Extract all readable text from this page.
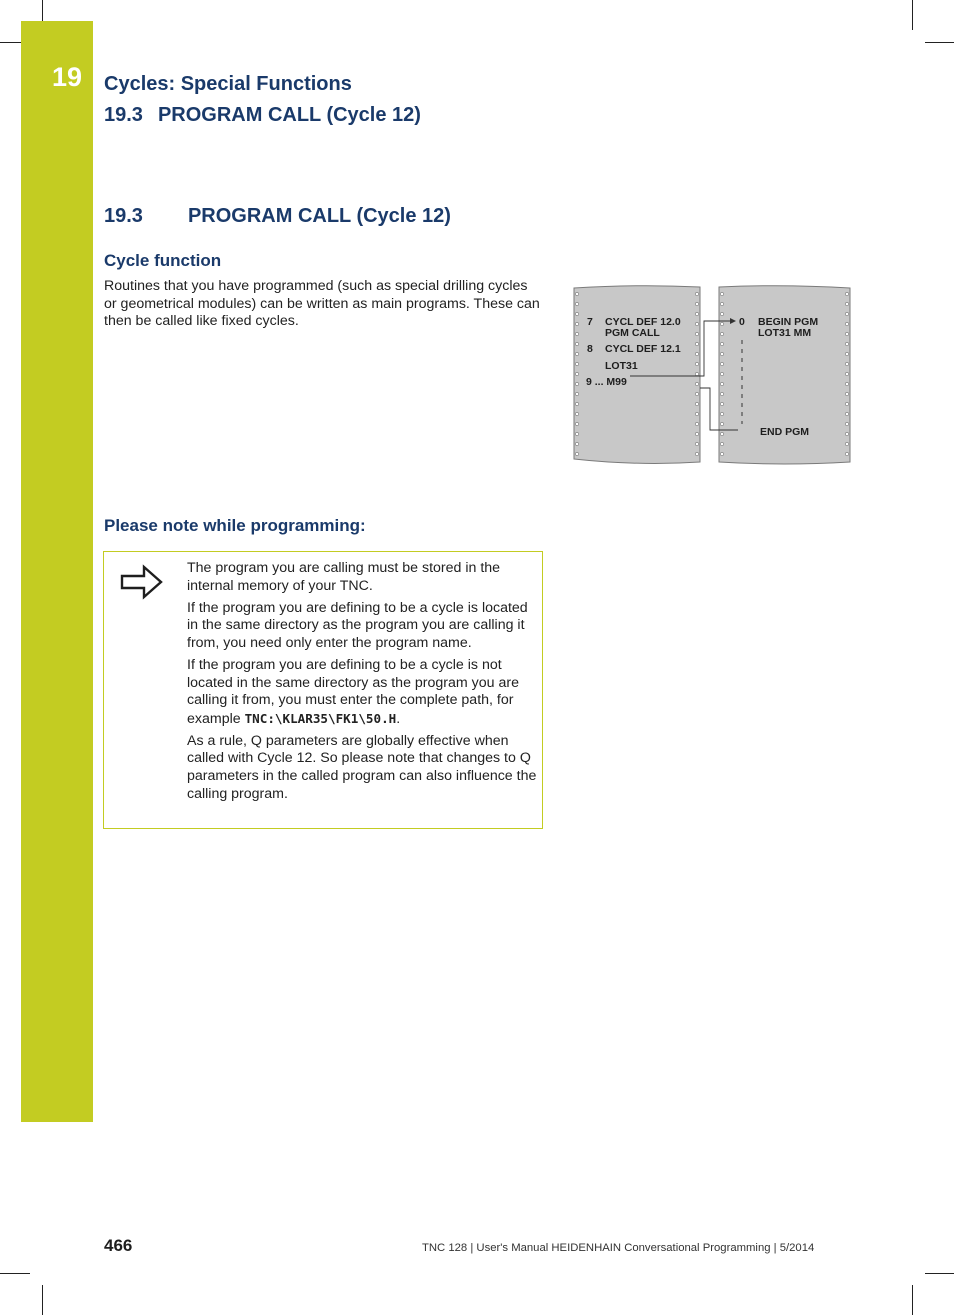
19 Cycles: Special Functions
19.3 PROGRAM CALL (Cycle 12)
19.3 PROGRAM CALL (Cycle 12)
Cycle function
Routines that you have programmed (such as special drilling cycles or geometrical modules) can be written as main programs. These can then be called like fixed cycles.	7 CYCL DEF 12.0
PGM CALL
8 CYCL DEF 12.1
LOT31
9 ... M99
0 BEGIN PGM
LOT31 MM
END PGM
Please note while programming:

The program you are calling must be stored in the internal memory of your TNC.

If the program you are defining to be a cycle is located in the same directory as the program you are calling it from, you need only enter the program name.

If the program you are defining to be a cycle is not located in the same directory as the program you are calling it from, you must enter the complete path, for example TNC:\KLAR35\FK1\50.H.

As a rule, Q parameters are globally effective when called with Cycle 12. So please note that changes to Q parameters in the called program can also influence the calling program.

466	TNC 128 | User's Manual HEIDENHAIN Conversational Programming | 5/2014
